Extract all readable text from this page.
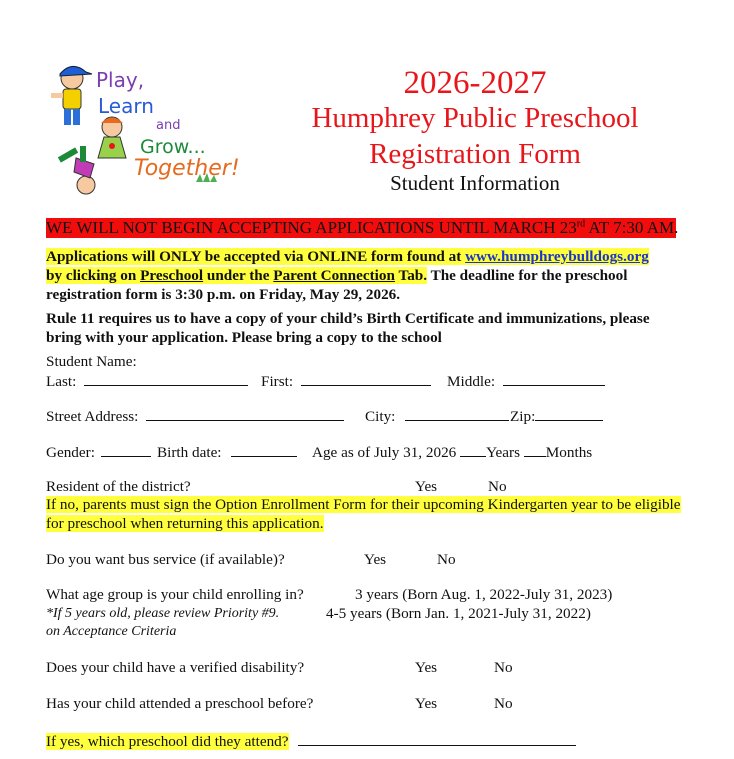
Play,
Learn
and
Grow...
Together!
2026-2027
Humphrey Public Preschool
Registration Form
Student Information
WE WILL NOT BEGIN ACCEPTING APPLICATIONS UNTIL MARCH 23rd AT 7:30 AM.
Applications will ONLY be accepted via ONLINE form found at www.humphreybulldogs.org
by clicking on Preschool under the Parent Connection Tab. The deadline for the preschool registration form is 3:30 p.m. on Friday, May 29, 2026.
Rule 11 requires us to have a copy of your child’s Birth Certificate and immunizations, please bring with your application. Please bring a copy to the school
Student Name:
Last:	First:	Middle:
Street Address:	City:	Zip:
Gender:	Birth date:	Age as of July 31, 2026 Years Months
Resident of the district?	Yes	No
If no, parents must sign the Option Enrollment Form for their upcoming Kindergarten year to be eligible for preschool when returning this application.
Do you want bus service (if available)?	Yes	No
What age group is your child enrolling in?	3 years (Born Aug. 1, 2022-July 31, 2023)
*If 5 years old, please review Priority #9.	4-5 years (Born Jan. 1, 2021-July 31, 2022)
on Acceptance Criteria
Does your child have a verified disability?	Yes	No
Has your child attended a preschool before?	Yes	No
If yes, which preschool did they attend?
